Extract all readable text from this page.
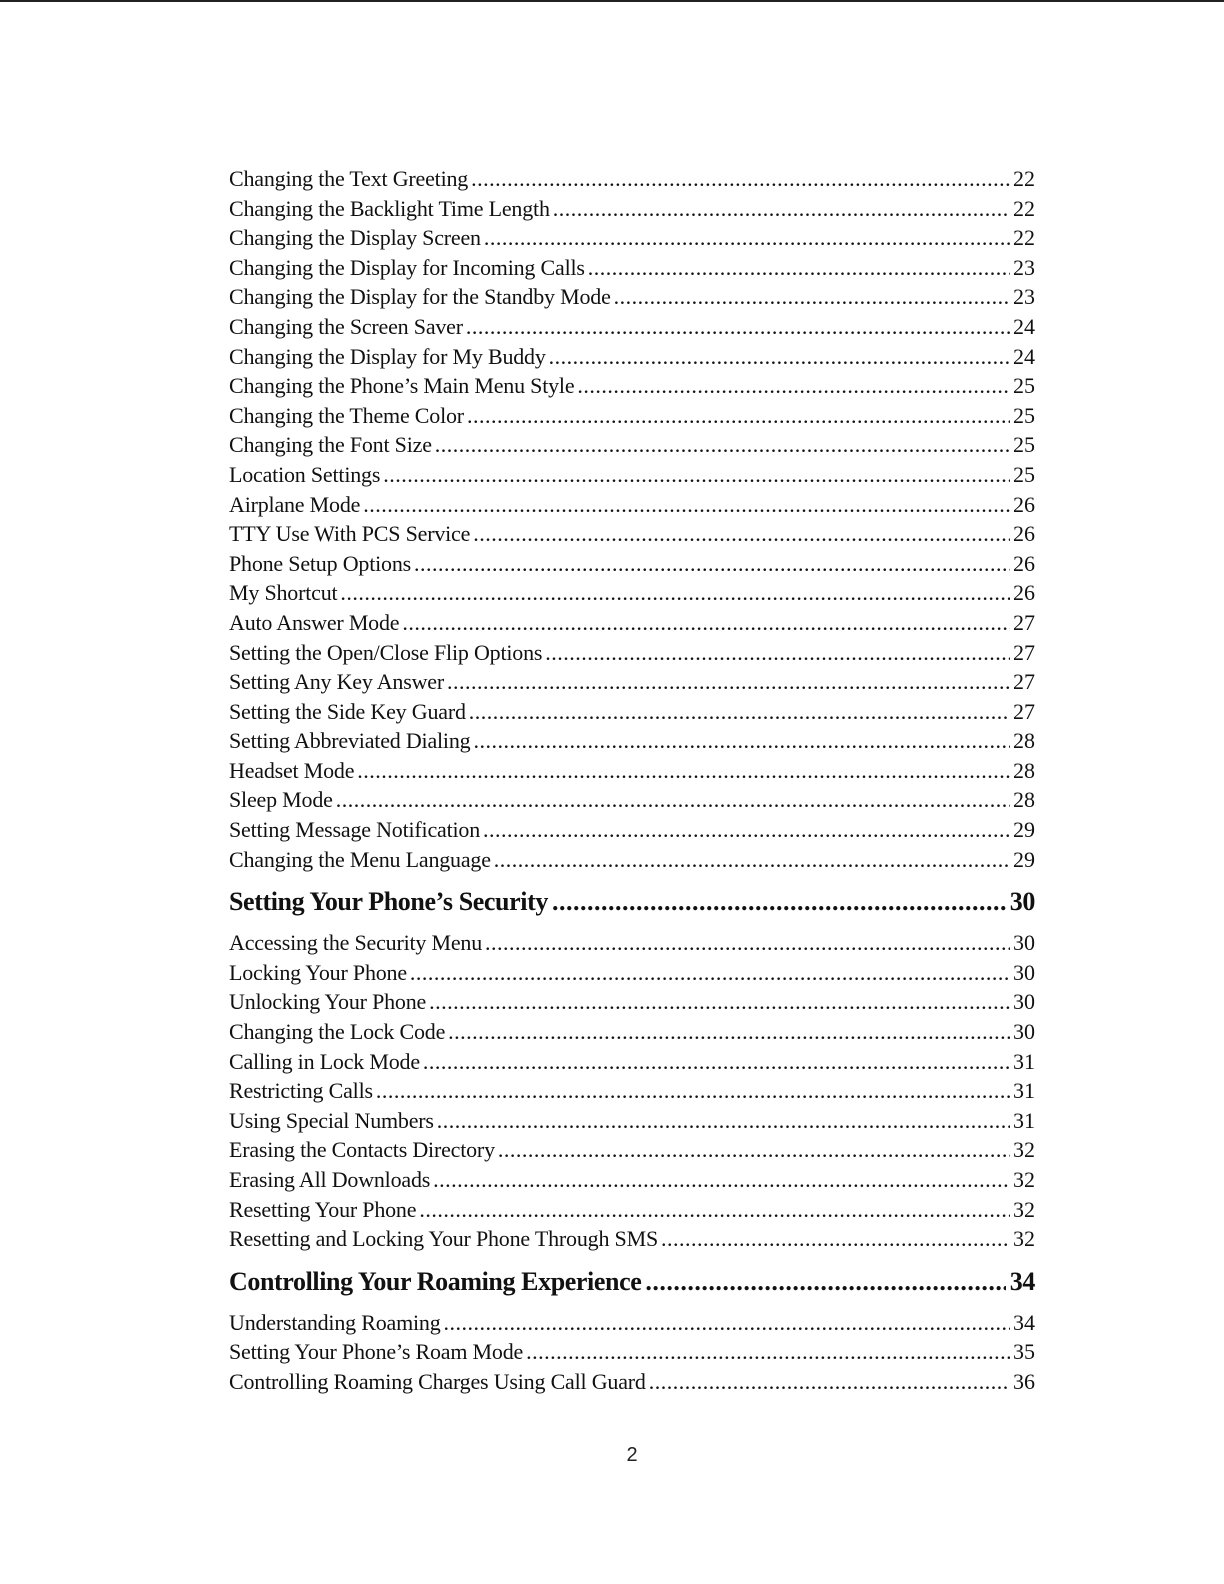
Changing the Text Greeting .....	22
Changing the Backlight Time Length .....	22
Changing the Display Screen .....	22
Changing the Display for Incoming Calls .....	23
Changing the Display for the Standby Mode .....	23
Changing the Screen Saver .....	24
Changing the Display for My Buddy .....	24
Changing the Phone’s Main Menu Style .....	25
Changing the Theme Color .....	25
Changing the Font Size .....	25
Location Settings .....	25
Airplane Mode .....	26
TTY Use With PCS Service .....	26
Phone Setup Options .....	26
My Shortcut .....	26
Auto Answer Mode .....	27
Setting the Open/Close Flip Options .....	27
Setting Any Key Answer .....	27
Setting the Side Key Guard .....	27
Setting Abbreviated Dialing .....	28
Headset Mode .....	28
Sleep Mode .....	28
Setting Message Notification .....	29
Changing the Menu Language .....	29
Setting Your Phone’s Security .....	30
Accessing the Security Menu .....	30
Locking Your Phone .....	30
Unlocking Your Phone .....	30
Changing the Lock Code .....	30
Calling in Lock Mode .....	31
Restricting Calls .....	31
Using Special Numbers .....	31
Erasing the Contacts Directory .....	32
Erasing All Downloads .....	32
Resetting Your Phone .....	32
Resetting and Locking Your Phone Through SMS .....	32
Controlling Your Roaming Experience .....	34
Understanding Roaming .....	34
Setting Your Phone’s Roam Mode .....	35
Controlling Roaming Charges Using Call Guard .....	36
2
